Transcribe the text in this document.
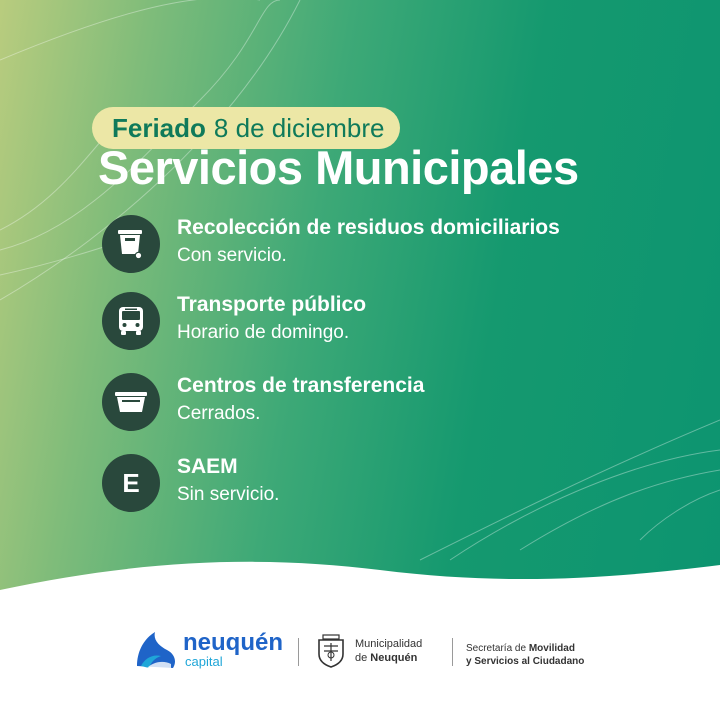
Feriado 8 de diciembre
Servicios Municipales
Recolección de residuos domiciliarios
Con servicio.
Transporte público
Horario de domingo.
Centros de transferencia
Cerrados.
E
SAEM
Sin servicio.
neuquén
capital
Municipalidad
de Neuquén
Secretaría de Movilidad
y Servicios al Ciudadano
